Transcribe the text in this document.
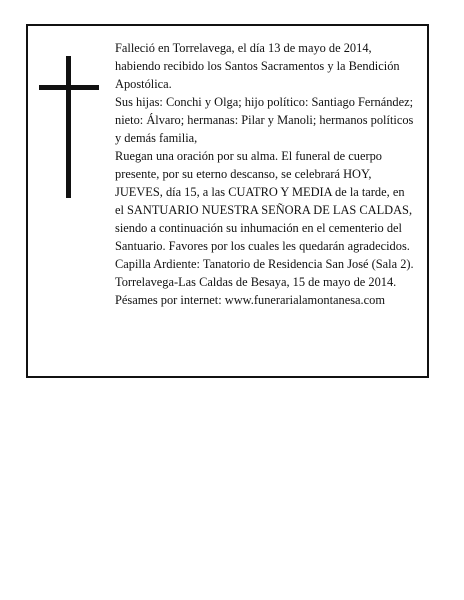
Falleció en Torrelavega, el día 13 de mayo de 2014, habiendo recibido los Santos Sacramentos y la Bendición Apostólica.

Sus hijas: Conchi y Olga; hijo político: Santiago Fernández; nieto: Álvaro; hermanas: Pilar y Manoli; hermanos políticos y demás familia,

Ruegan una oración por su alma. El funeral de cuerpo presente, por su eterno descanso, se celebrará HOY, JUEVES, día 15, a las CUATRO Y MEDIA de la tarde, en el SANTUARIO NUESTRA SEÑORA DE LAS CALDAS, siendo a continuación su inhumación en el cementerio del Santuario. Favores por los cuales les quedarán agradecidos. Capilla Ardiente: Tanatorio de Residencia San José (Sala 2).

Torrelavega-Las Caldas de Besaya, 15 de mayo de 2014. Pésames por internet: www.funerarialamontanesa.com
